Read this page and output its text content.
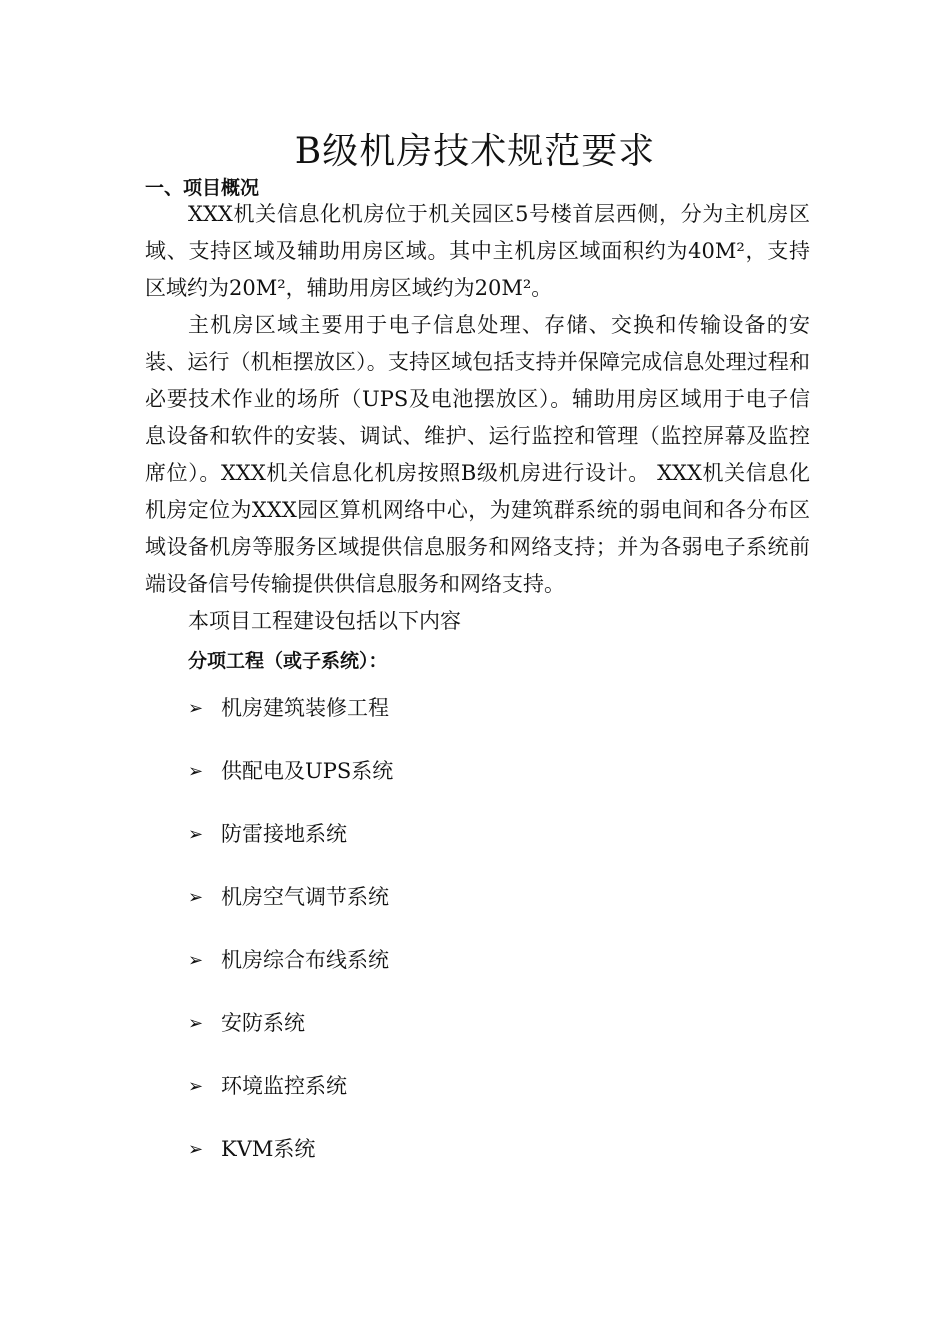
B级机房技术规范要求
一、项目概况

XXX机关信息化机房位于机关园区5号楼首层西侧，分为主机房区域、支持区域及辅助用房区域。其中主机房区域面积约为40M²，支持区域约为20M²，辅助用房区域约为20M²。

主机房区域主要用于电子信息处理、存储、交换和传输设备的安装、运行（机柜摆放区）。支持区域包括支持并保障完成信息处理过程和必要技术作业的场所（UPS及电池摆放区）。辅助用房区域用于电子信息设备和软件的安装、调试、维护、运行监控和管理（监控屏幕及监控席位）。XXX机关信息化机房按照B级机房进行设计。 XXX机关信息化机房定位为XXX园区算机网络中心，为建筑群系统的弱电间和各分布区域设备机房等服务区域提供信息服务和网络支持；并为各弱电子系统前端设备信号传输提供供信息服务和网络支持。

本项目工程建设包括以下内容

分项工程（或子系统）：
➢ 机房建筑装修工程
➢ 供配电及UPS系统
➢ 防雷接地系统
➢ 机房空气调节系统
➢ 机房综合布线系统
➢ 安防系统
➢ 环境监控系统
➢ KVM系统
